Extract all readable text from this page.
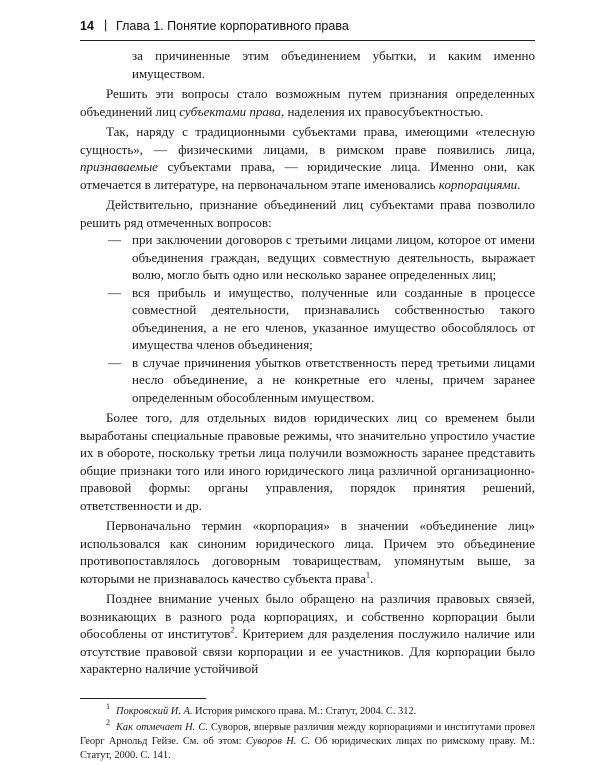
14 | Глава 1. Понятие корпоративного права

за причиненные этим объединением убытки, и каким именно имуществом.

Решить эти вопросы стало возможным путем признания определенных объединений лиц субъектами права, наделения их правосубъектностью.

Так, наряду с традиционными субъектами права, имеющими «телесную сущность», — физическими лицами, в римском праве появились лица, признаваемые субъектами права, — юридические лица. Именно они, как отмечается в литературе, на первоначальном этапе именовались корпорациями.

Действительно, признание объединений лиц субъектами права позволило решить ряд отмеченных вопросов:

— при заключении договоров с третьими лицами лицом, которое от имени объединения граждан, ведущих совместную деятельность, выражает волю, могло быть одно или несколько заранее определенных лиц;
— вся прибыль и имущество, полученные или созданные в процессе совместной деятельности, признавались собственностью такого объединения, а не его членов, указанное имущество обособлялось от имущества членов объединения;
— в случае причинения убытков ответственность перед третьими лицами несло объединение, а не конкретные его члены, причем заранее определенным обособленным имуществом.

Более того, для отдельных видов юридических лиц со временем были выработаны специальные правовые режимы, что значительно упростило участие их в обороте, поскольку третьи лица получили возможность заранее представить общие признаки того или иного юридического лица различной организационно-правовой формы: органы управления, порядок принятия решений, ответственности и др.

Первоначально термин «корпорация» в значении «объединение лиц» использовался как синоним юридического лица. Причем это объединение противопоставлялось договорным товариществам, упомянутым выше, за которыми не признавалось качество субъекта права$^1$.

Позднее внимание ученых было обращено на различия правовых связей, возникающих в разного рода корпорациях, и собственно корпорации были обособлены от институтов$^2$. Критерием для разделения послужило наличие или отсутствие правовой связи корпорации и ее участников. Для корпорации было характерно наличие устойчивой

$^1$ Покровский И. А. История римского права. М.: Статут, 2004. С. 312.

$^2$ Как отмечает Н. С. Суворов, впервые различия между корпорациями и институтами провел Георг Арнольд Гейзе. См. об этом: Суворов Н. С. Об юридических лицах по римскому праву. М.: Статут, 2000. С. 141.
